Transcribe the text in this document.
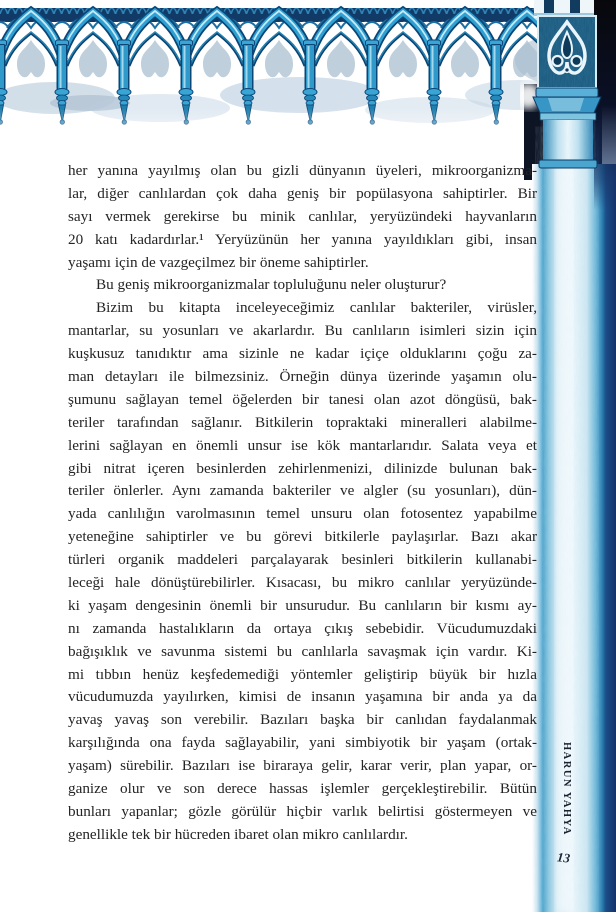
her yanına yayılmış olan bu gizli dünyanın üyeleri, mikroorganizma-
lar, diğer canlılardan çok daha geniş bir popülasyona sahiptirler. Bir
sayı vermek gerekirse bu minik canlılar, yeryüzündeki hayvanların
20 katı kadardırlar.¹ Yeryüzünün her yanına yayıldıkları gibi, insan
yaşamı için de vazgeçilmez bir öneme sahiptirler.
Bu geniş mikroorganizmalar topluluğunu neler oluşturur?
Bizim bu kitapta inceleyeceğimiz canlılar bakteriler, virüsler,
mantarlar, su yosunları ve akarlardır. Bu canlıların isimleri sizin için
kuşkusuz tanıdıktır ama sizinle ne kadar içiçe olduklarını çoğu za-
man detayları ile bilmezsiniz. Örneğin dünya üzerinde yaşamın olu-
şumunu sağlayan temel öğelerden bir tanesi olan azot döngüsü, bak-
teriler tarafından sağlanır. Bitkilerin topraktaki mineralleri alabilme-
lerini sağlayan en önemli unsur ise kök mantarlarıdır. Salata veya et
gibi nitrat içeren besinlerden zehirlenmenizi, dilinizde bulunan bak-
teriler önlerler. Aynı zamanda bakteriler ve algler (su yosunları), dün-
yada canlılığın varolmasının temel unsuru olan fotosentez yapabilme
yeteneğine sahiptirler ve bu görevi bitkilerle paylaşırlar. Bazı akar
türleri organik maddeleri parçalayarak besinleri bitkilerin kullanabi-
leceği hale dönüştürebilirler. Kısacası, bu mikro canlılar yeryüzünde-
ki yaşam dengesinin önemli bir unsurudur. Bu canlıların bir kısmı ay-
nı zamanda hastalıkların da ortaya çıkış sebebidir. Vücudumuzdaki
bağışıklık ve savunma sistemi bu canlılarla savaşmak için vardır. Ki-
mi tıbbın henüz keşfedemediği yöntemler geliştirip büyük bir hızla
vücudumuzda yayılırken, kimisi de insanın yaşamına bir anda ya da
yavaş yavaş son verebilir. Bazıları başka bir canlıdan faydalanmak
karşılığında ona fayda sağlayabilir, yani simbiyotik bir yaşam (ortak-
yaşam) sürebilir. Bazıları ise biraraya gelir, karar verir, plan yapar, or-
ganize olur ve son derece hassas işlemler gerçekleştirebilir. Bütün
bunları yapanlar; gözle görülür hiçbir varlık belirtisi göstermeyen ve
genellikle tek bir hücreden ibaret olan mikro canlılardır.	HARUN YAHYA
13
